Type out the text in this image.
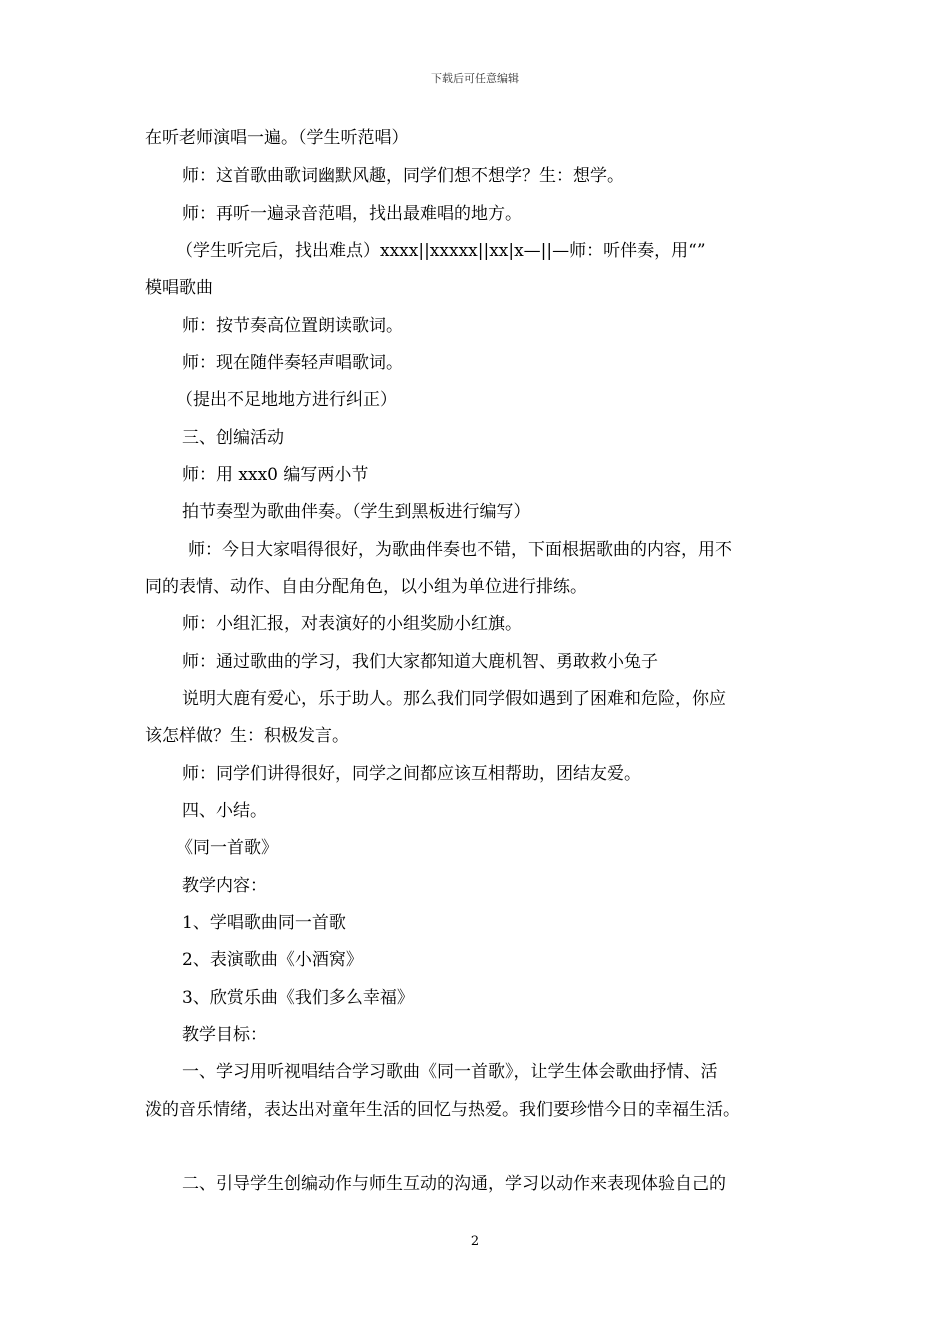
下载后可任意编辑
在听老师演唱一遍。（学生听范唱）
师：这首歌曲歌词幽默风趣，同学们想不想学？生：想学。
师：再听一遍录音范唱，找出最难唱的地方。
（学生听完后，找出难点）xxxx||xxxxx||xx|x—||—师：听伴奏，用“”
模唱歌曲
师：按节奏高位置朗读歌词。
师：现在随伴奏轻声唱歌词。
（提出不足地地方进行纠正）
三、创编活动
师：用 xxx0 编写两小节
拍节奏型为歌曲伴奏。（学生到黑板进行编写）
师：今日大家唱得很好，为歌曲伴奏也不错，下面根据歌曲的内容，用不
同的表情、动作、自由分配角色，以小组为单位进行排练。
师：小组汇报，对表演好的小组奖励小红旗。
师：通过歌曲的学习，我们大家都知道大鹿机智、勇敢救小兔子
说明大鹿有爱心，乐于助人。那么我们同学假如遇到了困难和危险，你应
该怎样做？生：积极发言。
师：同学们讲得很好，同学之间都应该互相帮助，团结友爱。
四、小结。
《同一首歌》
教学内容：
1、学唱歌曲同一首歌
2、表演歌曲《小酒窝》
3、欣赏乐曲《我们多么幸福》
教学目标：
一、学习用听视唱结合学习歌曲《同一首歌》，让学生体会歌曲抒情、活
泼的音乐情绪，表达出对童年生活的回忆与热爱。我们要珍惜今日的幸福生活。
二、引导学生创编动作与师生互动的沟通，学习以动作来表现体验自己的
2
